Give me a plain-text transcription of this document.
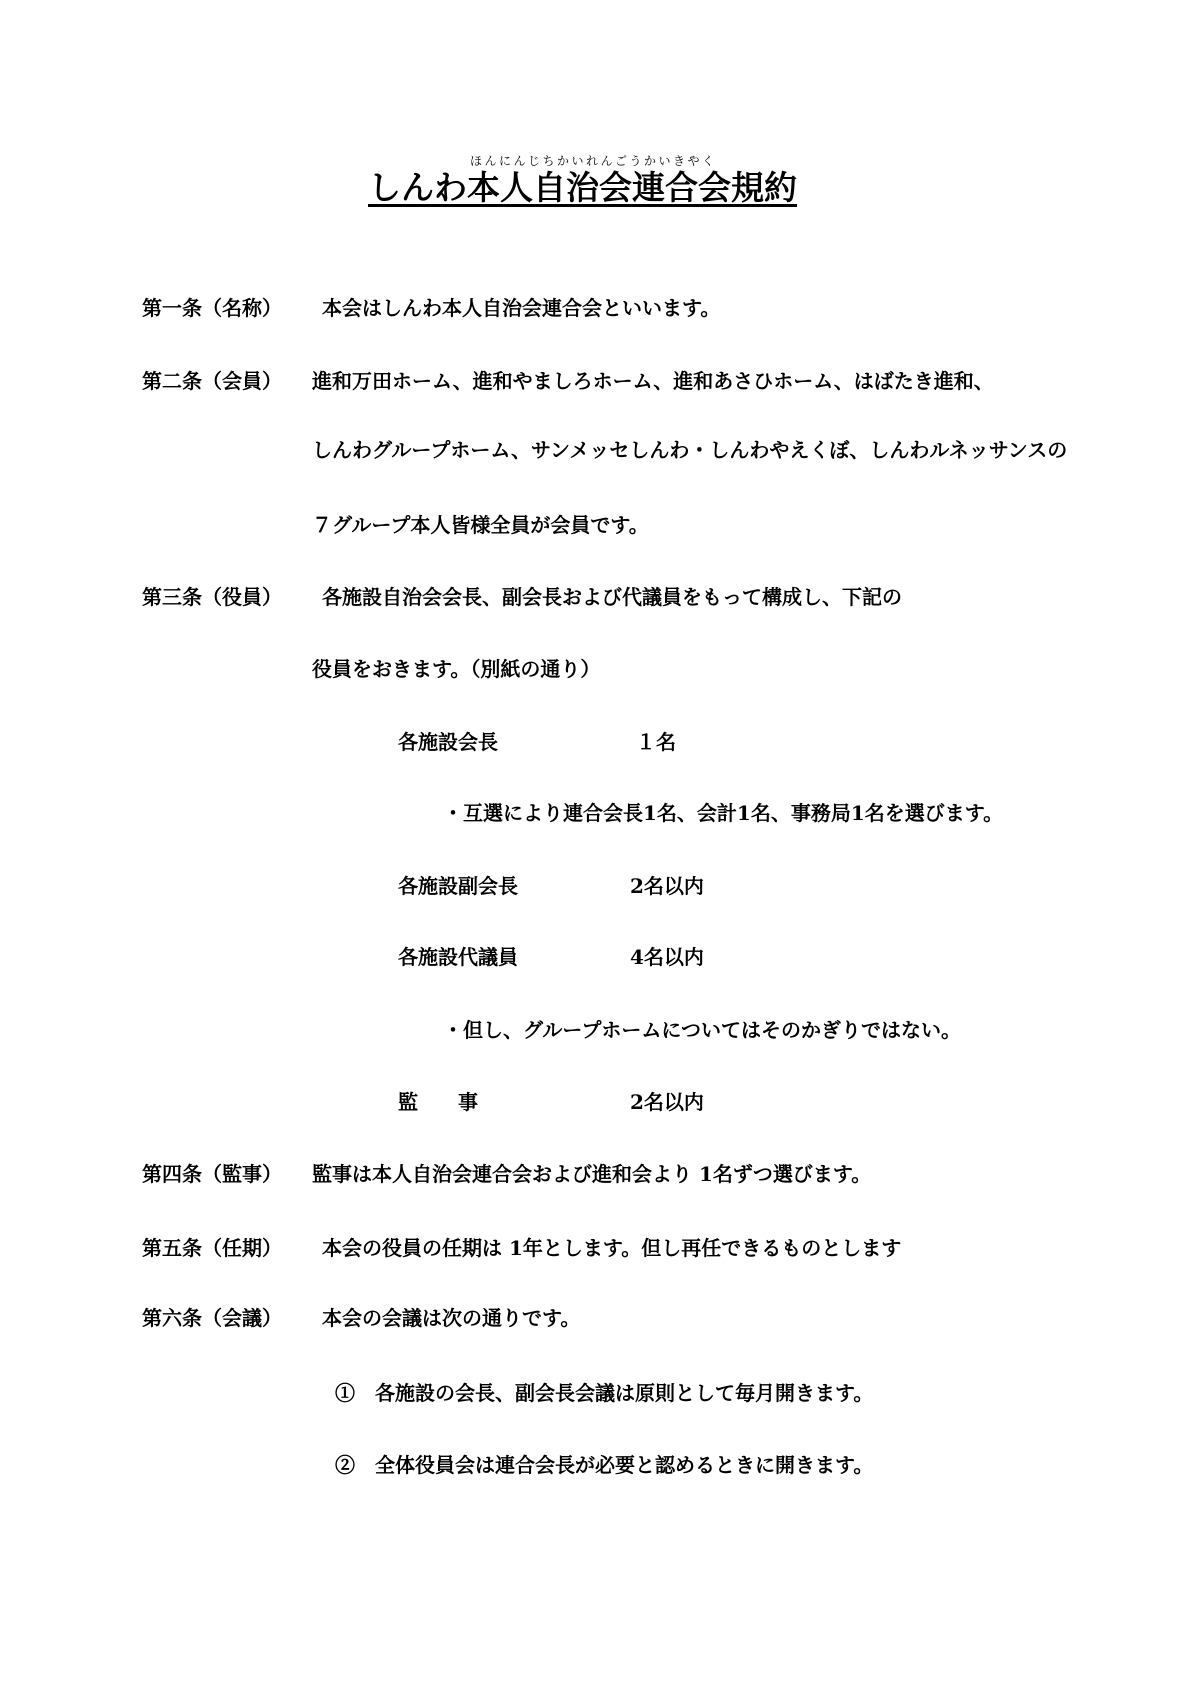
ほんにんじちかいれんごうかいきやく
しんわ本人自治会連合会規約
第一条（名称） 本会はしんわ本人自治会連合会といいます。
第二条（会員） 進和万田ホーム、進和やましろホーム、進和あさひホーム、はばたき進和、
しんわグループホーム、サンメッセしんわ・しんわやえくぼ、しんわルネッサンスの
７グループ本人皆様全員が会員です。
第三条（役員） 各施設自治会会長、副会長および代議員をもって構成し、下記の
役員をおきます。（別紙の通り）
各施設会長	１名
・互選により連合会長1名、会計1名、事務局1名を選びます。
各施設副会長	2名以内
各施設代議員	4名以内
・但し、グループホームについてはそのかぎりではない。
監　　事	2名以内
第四条（監事） 監事は本人自治会連合会および進和会より 1名ずつ選びます。
第五条（任期） 本会の役員の任期は 1年とします。但し再任できるものとします
第六条（会議） 本会の会議は次の通りです。
①　各施設の会長、副会長会議は原則として毎月開きます。
②　全体役員会は連合会長が必要と認めるときに開きます。
